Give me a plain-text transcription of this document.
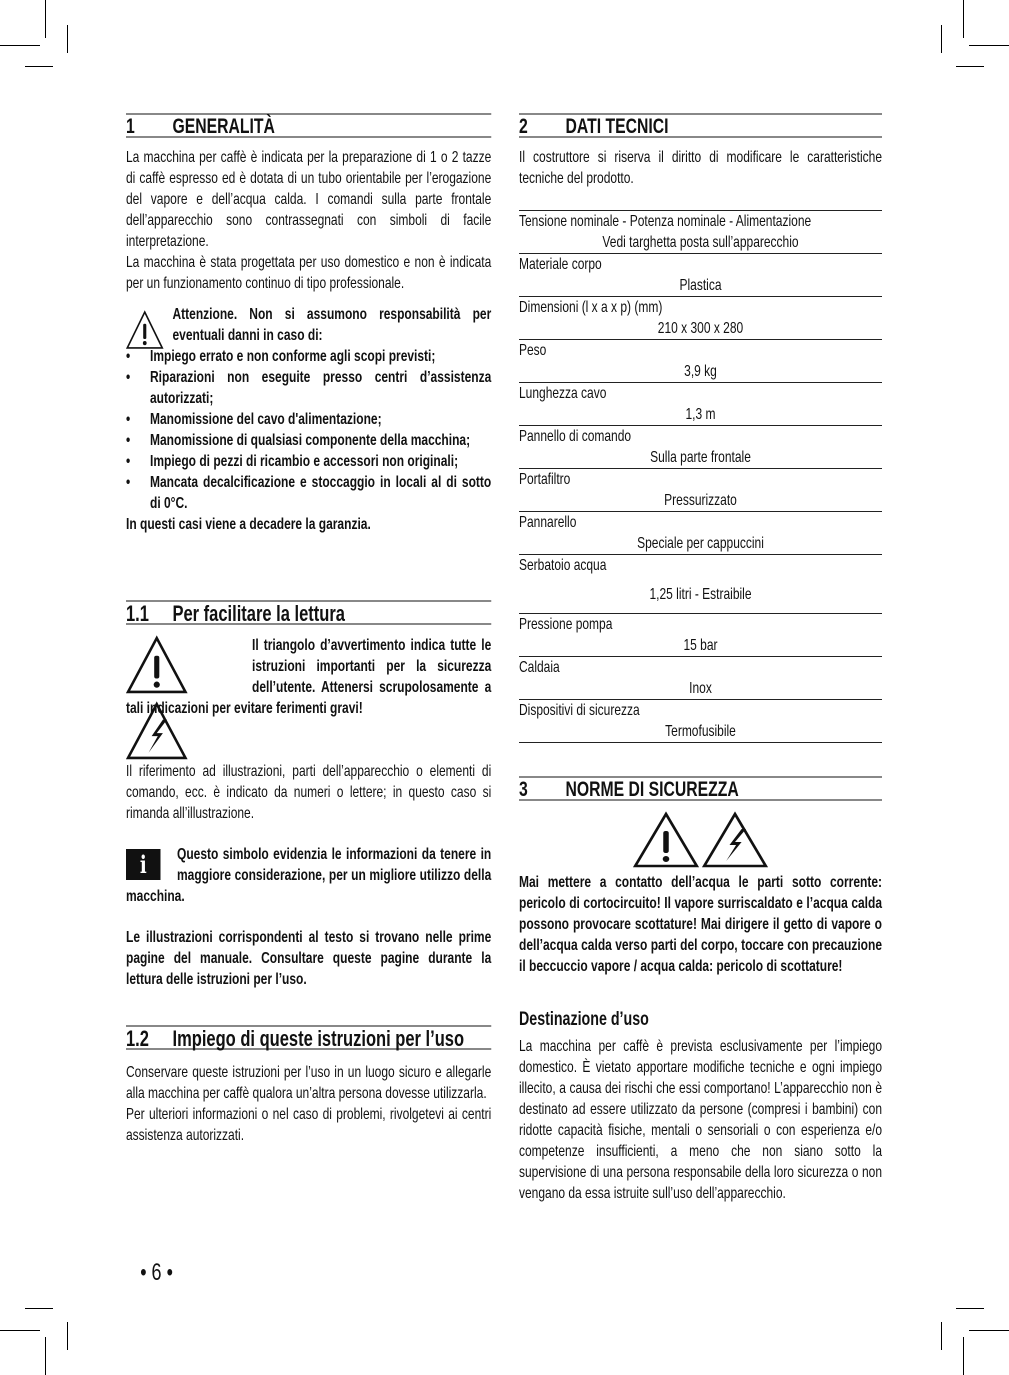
1 GENERALITÀ
La macchina per caffè è indicata per la preparazione di 1 o 2 tazze di caffè espresso ed è dotata di un tubo orientabile per l’erogazione del vapore e dell’acqua calda. I comandi sulla parte frontale dell’apparecchio sono contrassegnati con simboli di facile interpretazione.
La macchina è stata progettata per uso domestico e non è indicata per un funzionamento continuo di tipo professionale.
Attenzione. Non si assumono responsabilità per eventuali danni in caso di:
• Impiego errato e non conforme agli scopi previsti;
• Riparazioni non eseguite presso centri d’assistenza autorizzati;
• Manomissione del cavo d'alimentazione;
• Manomissione di qualsiasi componente della macchina;
• Impiego di pezzi di ricambio e accessori non originali;
• Mancata decalcificazione e stoccaggio in locali al di sotto di 0°C.
In questi casi viene a decadere la garanzia.
1.1 Per facilitare la lettura

Il triangolo d’avvertimento indica tutte le istruzioni importanti per la sicurezza dell’utente. Attenersi scrupolosamente a tali indicazioni per evitare ferimenti gravi!
Il riferimento ad illustrazioni, parti dell’apparecchio o elementi di comando, ecc. è indicato da numeri o lettere; in questo caso si rimanda all’illustrazione.
i	Questo simbolo evidenzia le informazioni da tenere in maggiore considerazione, per un migliore utilizzo della macchina.
Le illustrazioni corrispondenti al testo si trovano nelle prime pagine del manuale. Consultare queste pagine durante la lettura delle istruzioni per l’uso.
1.2 Impiego di queste istruzioni per l’uso
Conservare queste istruzioni per l’uso in un luogo sicuro e allegarle alla macchina per caffè qualora un’altra persona dovesse utilizzarla.
Per ulteriori informazioni o nel caso di problemi, rivolgetevi ai centri assistenza autorizzati.
• 6 •
2 DATI TECNICI
Il costruttore si riserva il diritto di modificare le caratteristiche tecniche del prodotto.
Tensione nominale - Potenza nominale - Alimentazione
Vedi targhetta posta sull’apparecchio
Materiale corpo
Plastica
Dimensioni (l x a x p) (mm)
210 x 300 x 280
Peso
3,9 kg
Lunghezza cavo
1,3 m
Pannello di comando
Sulla parte frontale
Portafiltro
Pressurizzato
Pannarello
Speciale per cappuccini
Serbatoio acqua
1,25 litri - Estraibile
Pressione pompa
15 bar
Caldaia
Inox
Dispositivi di sicurezza
Termofusibile
3 NORME DI SICUREZZA

Mai mettere a contatto dell’acqua le parti sotto corrente: pericolo di cortocircuito! Il vapore surriscaldato e l’acqua calda possono provocare scottature! Mai dirigere il getto di vapore o dell’acqua calda verso parti del corpo, toccare con precauzione il beccuccio vapore / acqua calda: pericolo di scottature!
Destinazione d’uso
La macchina per caffè è prevista esclusivamente per l’impiego domestico. È vietato apportare modifiche tecniche e ogni impiego illecito, a causa dei rischi che essi comportano! L’apparecchio non è destinato ad essere utilizzato da persone (compresi i bambini) con ridotte capacità fisiche, mentali o sensoriali o con esperienza e/o competenze insufficienti, a meno che non siano sotto la supervisione di una persona responsabile della loro sicurezza o non vengano da essa istruite sull’uso dell’apparecchio.
